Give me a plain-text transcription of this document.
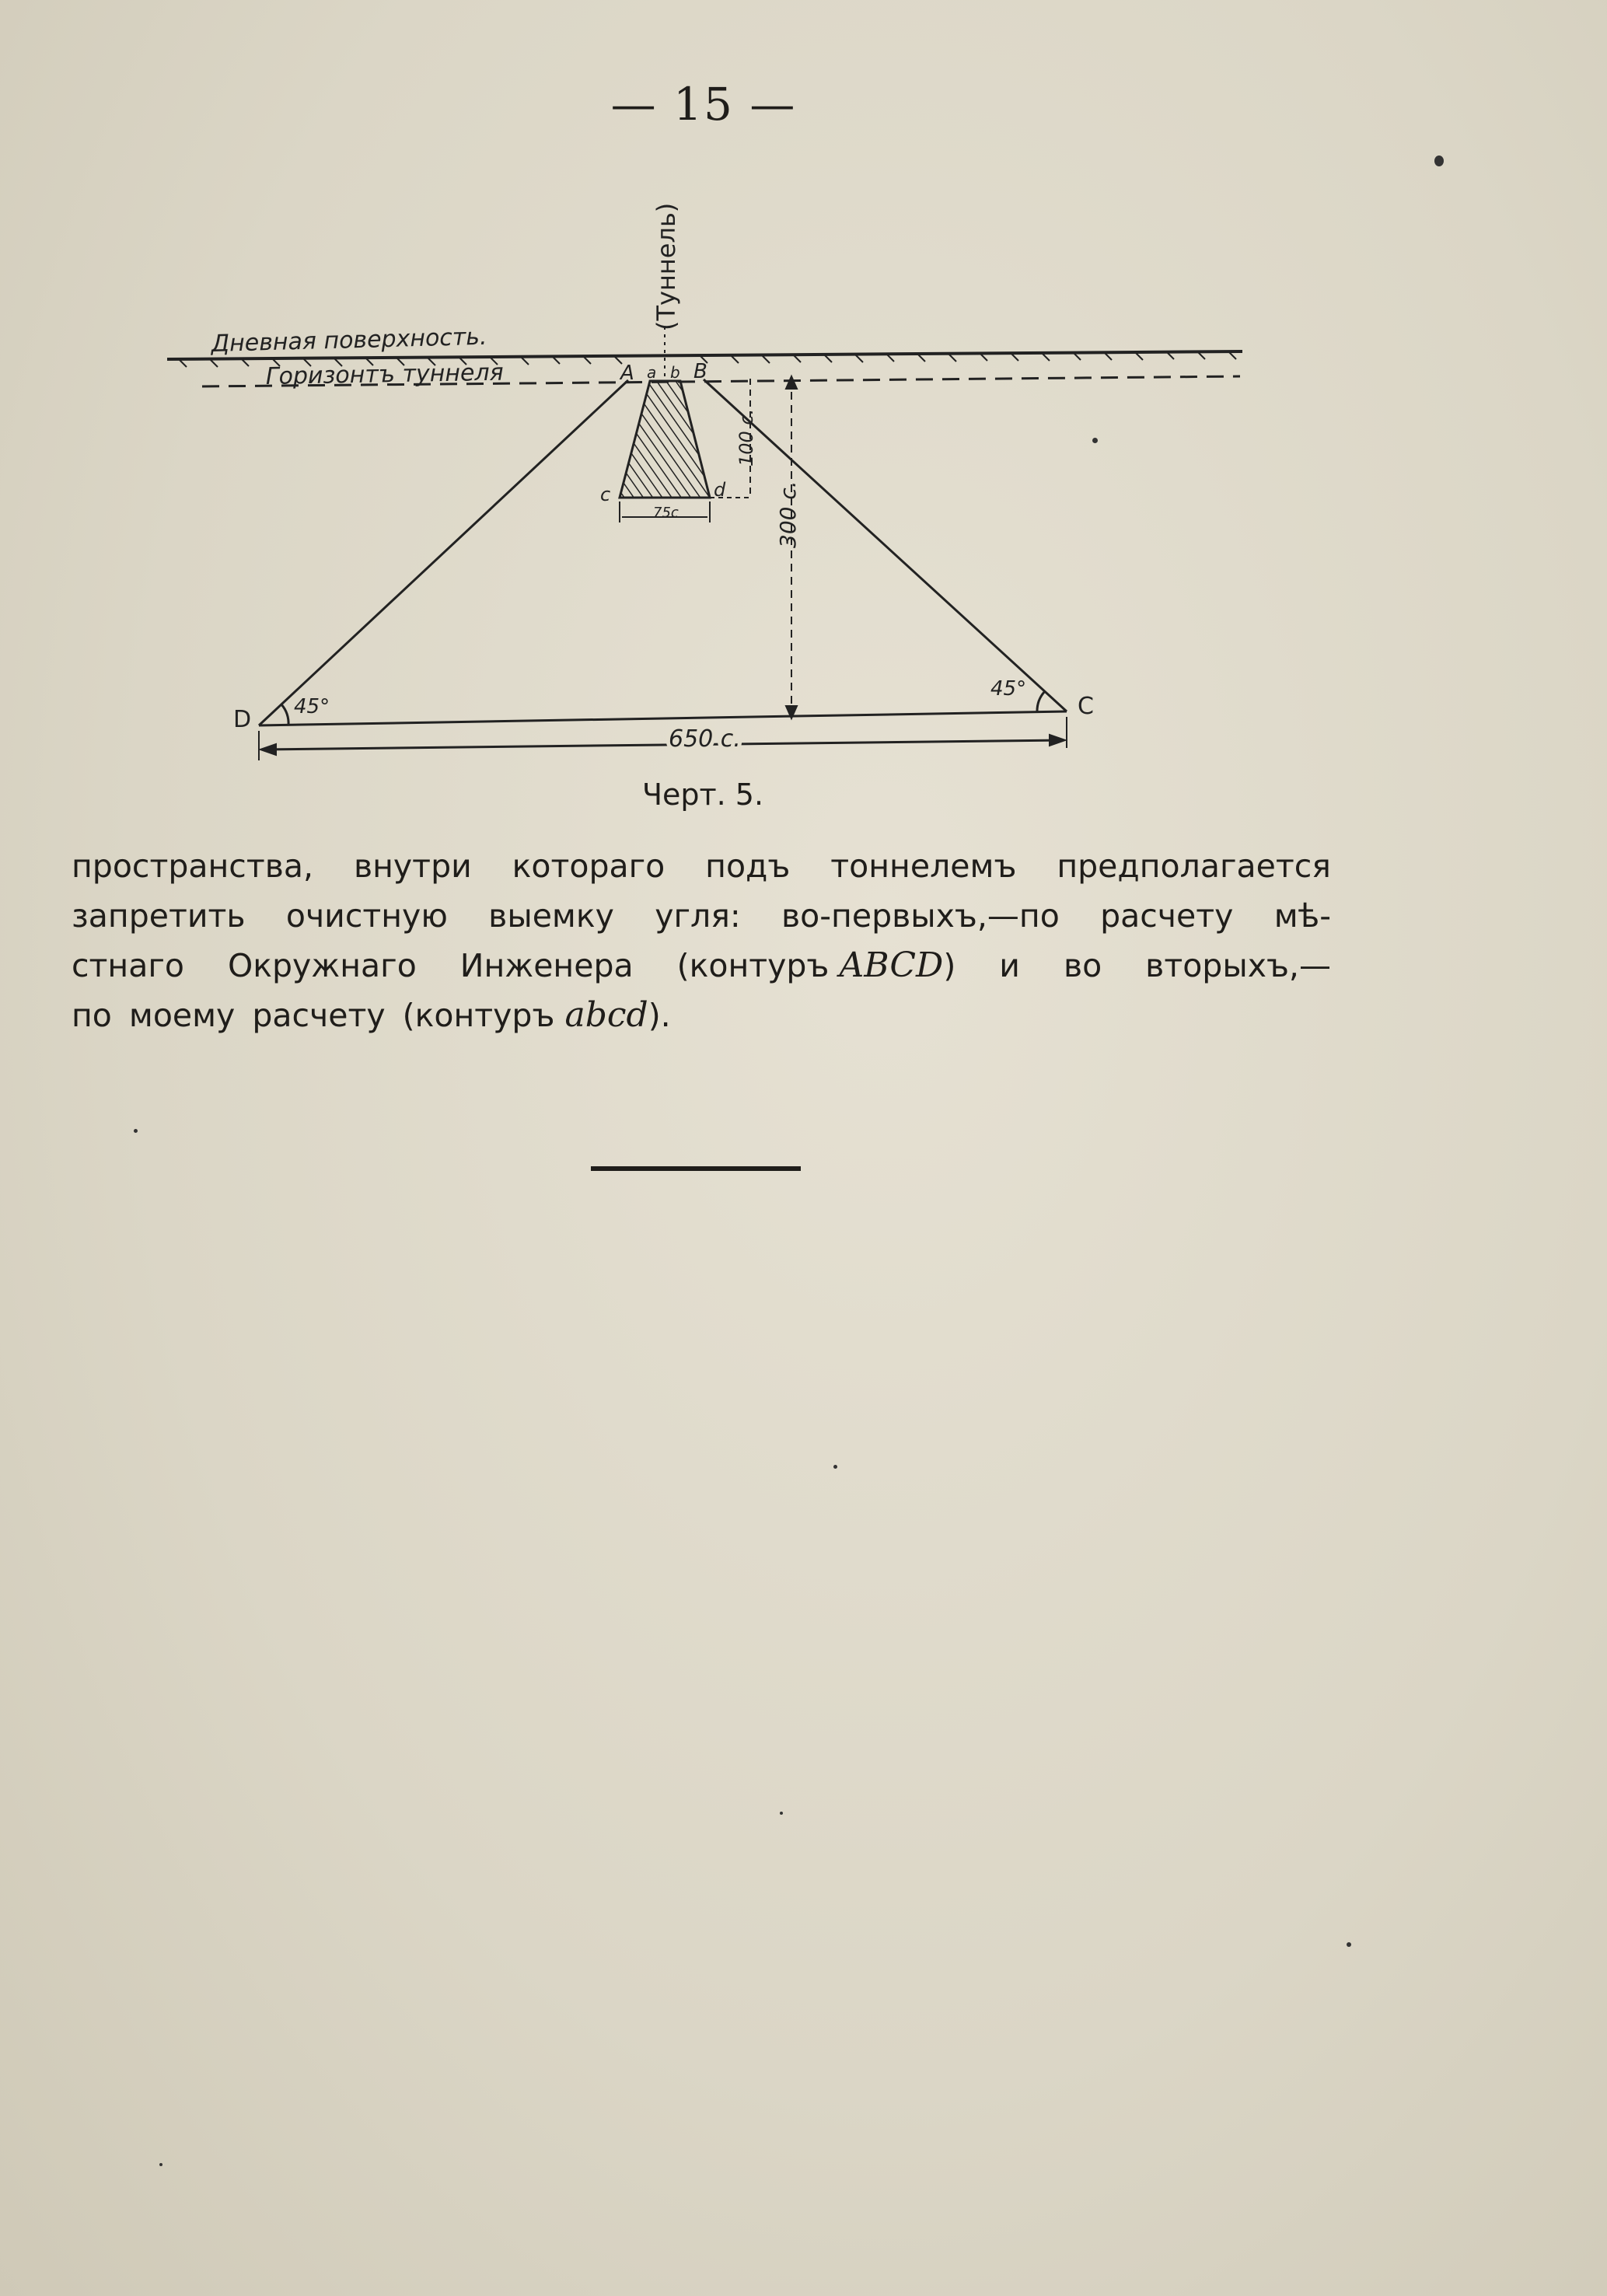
— 15 —
100 c.
300 c.
75c
650 c.
Дневная поверхность.
Горизонтъ туннеля
(Туннель)
A a b B
c	d
C
D 45°
45°
Черт. 5.
пространства, внутри котораго подъ тоннелемъ предполагается
запретить очистную выемку угля: во-первыхъ,—по расчету мѣ-
стнаго Окружнаго Инженера (контуръ ABCD) и во вторыхъ,—
по моему расчету (контуръ abcd).
